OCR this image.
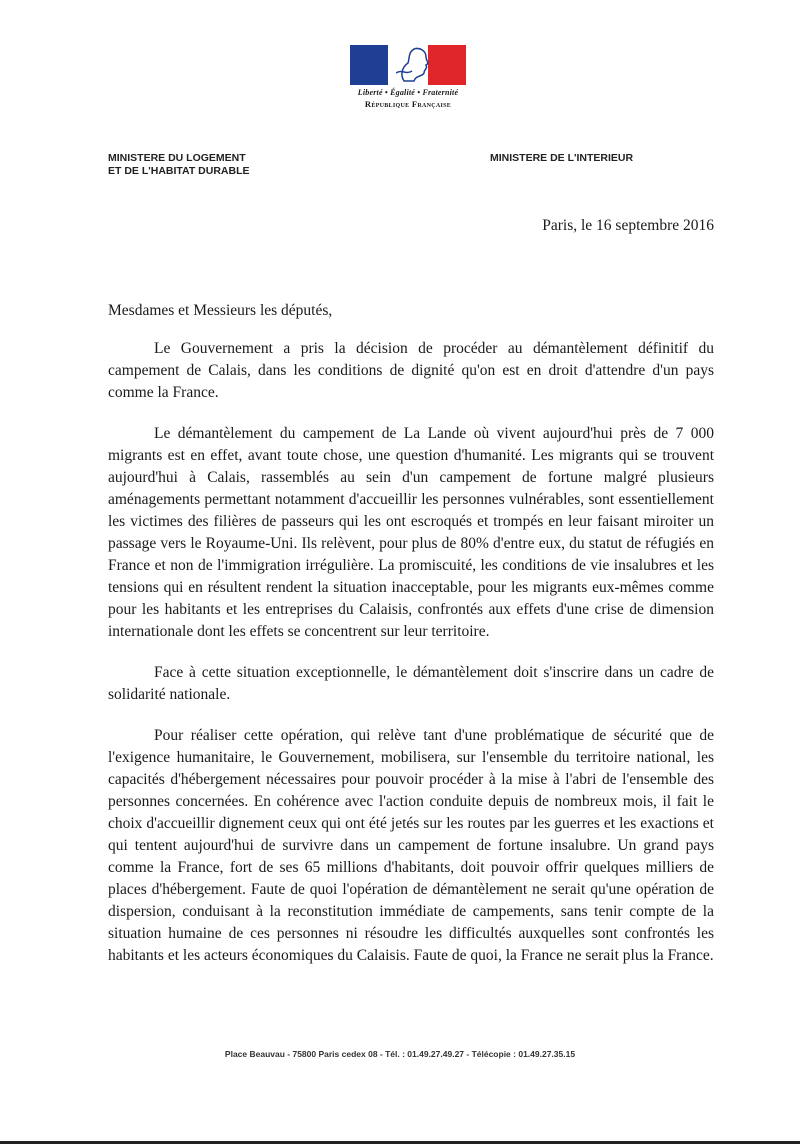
Liberté • Égalité • Fraternité
République Française
MINISTERE DU LOGEMENT
ET DE L'HABITAT DURABLE
MINISTERE DE L'INTERIEUR
Paris, le 16 septembre 2016
Mesdames et Messieurs les députés,

Le Gouvernement a pris la décision de procéder au démantèlement définitif du campement de Calais, dans les conditions de dignité qu'on est en droit d'attendre d'un pays comme la France.

Le démantèlement du campement de La Lande où vivent aujourd'hui près de 7 000 migrants est en effet, avant toute chose, une question d'humanité. Les migrants qui se trouvent aujourd'hui à Calais, rassemblés au sein d'un campement de fortune malgré plusieurs aménagements permettant notamment d'accueillir les personnes vulnérables, sont essentiellement les victimes des filières de passeurs qui les ont escroqués et trompés en leur faisant miroiter un passage vers le Royaume-Uni. Ils relèvent, pour plus de 80% d'entre eux, du statut de réfugiés en France et non de l'immigration irrégulière. La promiscuité, les conditions de vie insalubres et les tensions qui en résultent rendent la situation inacceptable, pour les migrants eux-mêmes comme pour les habitants et les entreprises du Calaisis, confrontés aux effets d'une crise de dimension internationale dont les effets se concentrent sur leur territoire.

Face à cette situation exceptionnelle, le démantèlement doit s'inscrire dans un cadre de solidarité nationale.

Pour réaliser cette opération, qui relève tant d'une problématique de sécurité que de l'exigence humanitaire, le Gouvernement, mobilisera, sur l'ensemble du territoire national, les capacités d'hébergement nécessaires pour pouvoir procéder à la mise à l'abri de l'ensemble des personnes concernées. En cohérence avec l'action conduite depuis de nombreux mois, il fait le choix d'accueillir dignement ceux qui ont été jetés sur les routes par les guerres et les exactions et qui tentent aujourd'hui de survivre dans un campement de fortune insalubre. Un grand pays comme la France, fort de ses 65 millions d'habitants, doit pouvoir offrir quelques milliers de places d'hébergement. Faute de quoi l'opération de démantèlement ne serait qu'une opération de dispersion, conduisant à la reconstitution immédiate de campements, sans tenir compte de la situation humaine de ces personnes ni résoudre les difficultés auxquelles sont confrontés les habitants et les acteurs économiques du Calaisis. Faute de quoi, la France ne serait plus la France.

Place Beauvau - 75800 Paris cedex 08 - Tél. : 01.49.27.49.27 - Télécopie : 01.49.27.35.15
